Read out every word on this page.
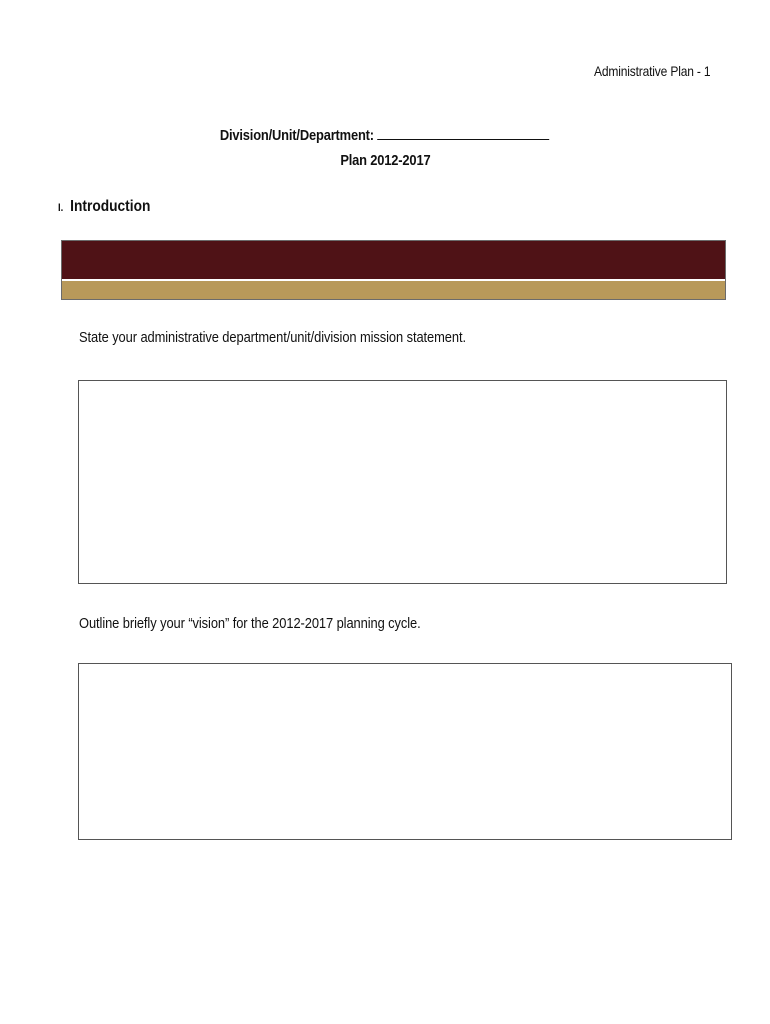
Administrative Plan - 1
Division/Unit/Department:
Plan 2012-2017
I. Introduction
State your administrative department/unit/division mission statement.
Outline briefly your “vision” for the 2012-2017 planning cycle.
